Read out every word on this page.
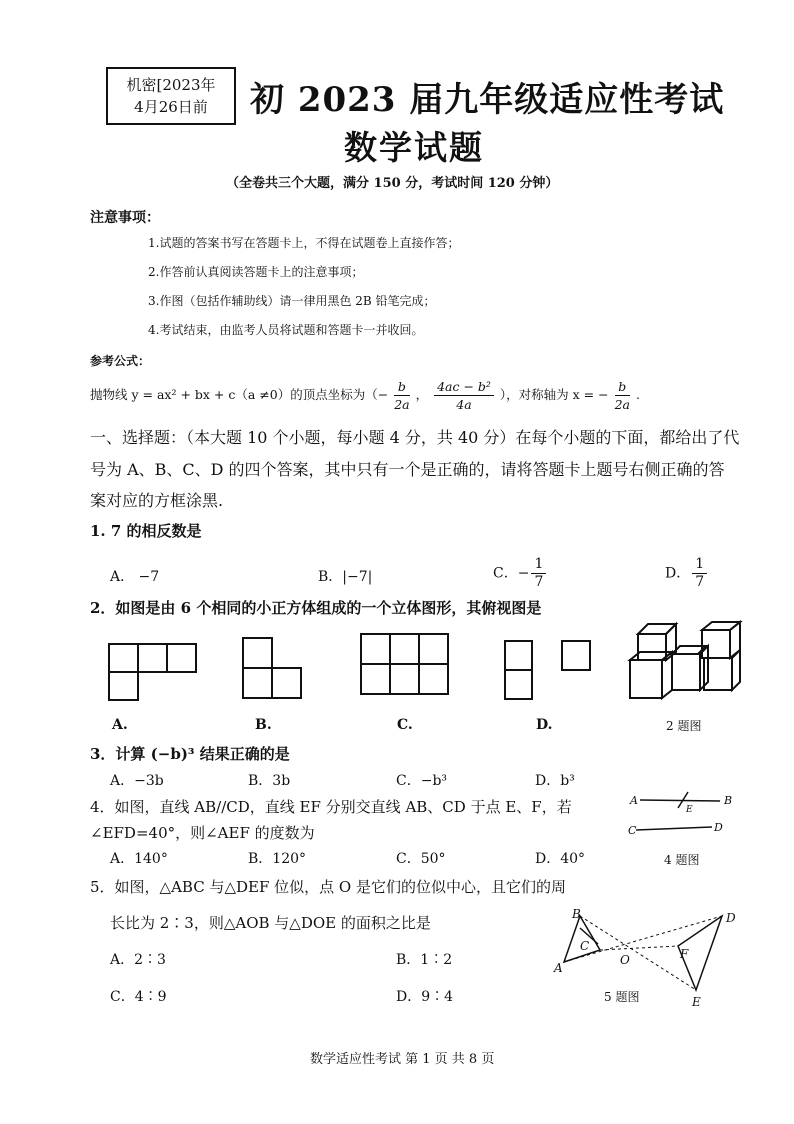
机密[2023年
4月26日前	初 2023 届九年级适应性考试
数学试题
（全卷共三个大题，满分 150 分，考试时间 120 分钟）
注意事项：
1.试题的答案书写在答题卡上，不得在试题卷上直接作答；
2.作答前认真阅读答题卡上的注意事项；
3.作图（包括作辅助线）请一律用黑色 2B 铅笔完成；
4.考试结束，由监考人员将试题和答题卡一并收回。
参考公式：
抛物线 y = ax² + bx + c（a ≠0）的顶点坐标为（− $\frac{b}{2a}$ ， $\frac{\text{4ac − b²}}{4a}$ ），对称轴为 x = − $\frac{b}{2a}$ .
一、选择题：（本大题 10 个小题，每小题 4 分，共 40 分）在每个小题的下面，都给出了代
号为 A、B、C、D 的四个答案，其中只有一个是正确的，请将答题卡上题号右侧正确的答
案对应的方框涂黑.
1. 7 的相反数是
A． −7	B．|−7|	C．− $\frac{1}{7}$	D． $\frac{1}{7}$
2．如图是由 6 个相同的小正方体组成的一个立体图形，其俯视图是
A.	B.	C.	D.	2 题图
3．计算 (−b)³ 结果正确的是
A．−3b	B．3b	C．−b³	D．b³
4．如图，直线 AB//CD，直线 EF 分别交直线 AB、CD 于点 E、F，若
∠EFD=40°，则∠AEF 的度数为
A．140°	B．120°	C．50°	D．40°
A	B
C	D
E
4 题图
5．如图，△ABC 与△DEF 位似，点 O 是它们的位似中心，且它们的周
长比为 2∶3，则△AOB 与△DOE 的面积之比是
A．2∶3	B．1∶2
C．4∶9	D．9∶4
B
A
C
O
D
F
E
5 题图
数学适应性考试 第 1 页 共 8 页
